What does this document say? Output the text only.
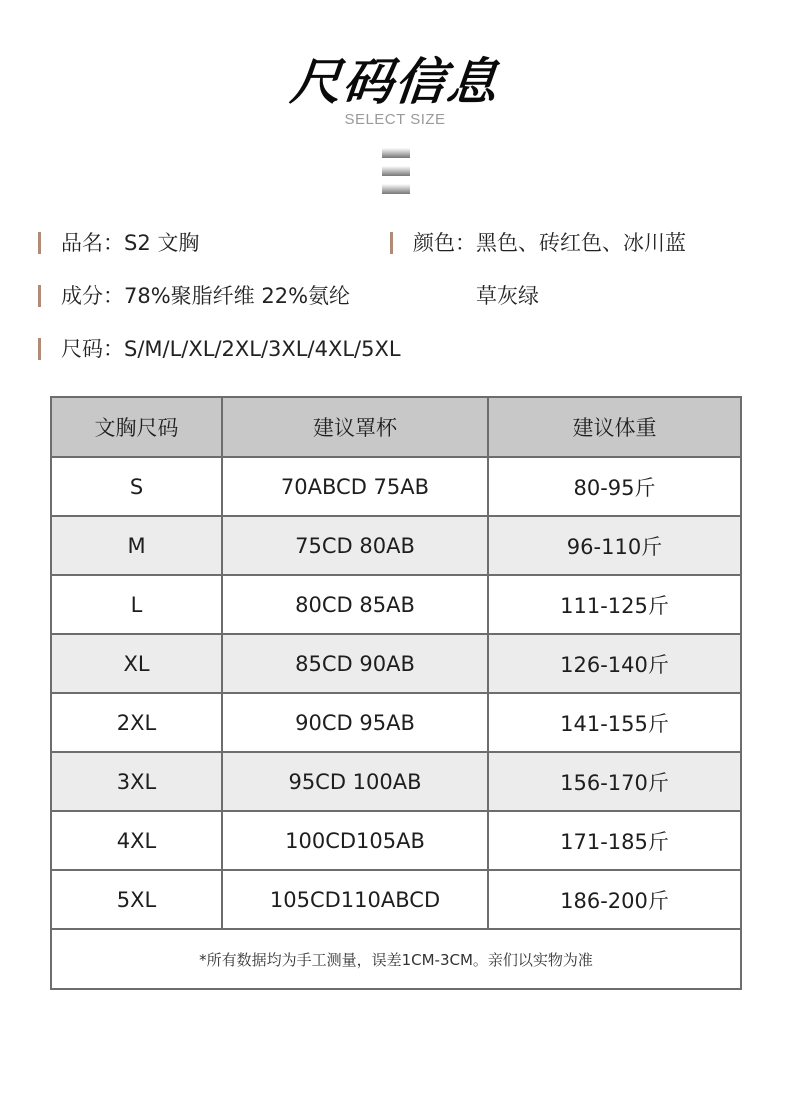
尺码信息
SELECT SIZE
品名：S2 文胸	颜色：黑色、砖红色、冰川蓝
成分：78%聚脂纤维 22%氨纶	草灰绿
尺码：S/M/L/XL/2XL/3XL/4XL/5XL
文胸尺码	建议罩杯	建议体重
S	70ABCD 75AB	80-95斤
M	75CD 80AB	96-110斤
L	80CD 85AB	111-125斤
XL	85CD 90AB	126-140斤
2XL	90CD 95AB	141-155斤
3XL	95CD 100AB	156-170斤
4XL	100CD105AB	171-185斤
5XL	105CD110ABCD	186-200斤
*所有数据均为手工测量，误差1CM-3CM。亲们以实物为准		
